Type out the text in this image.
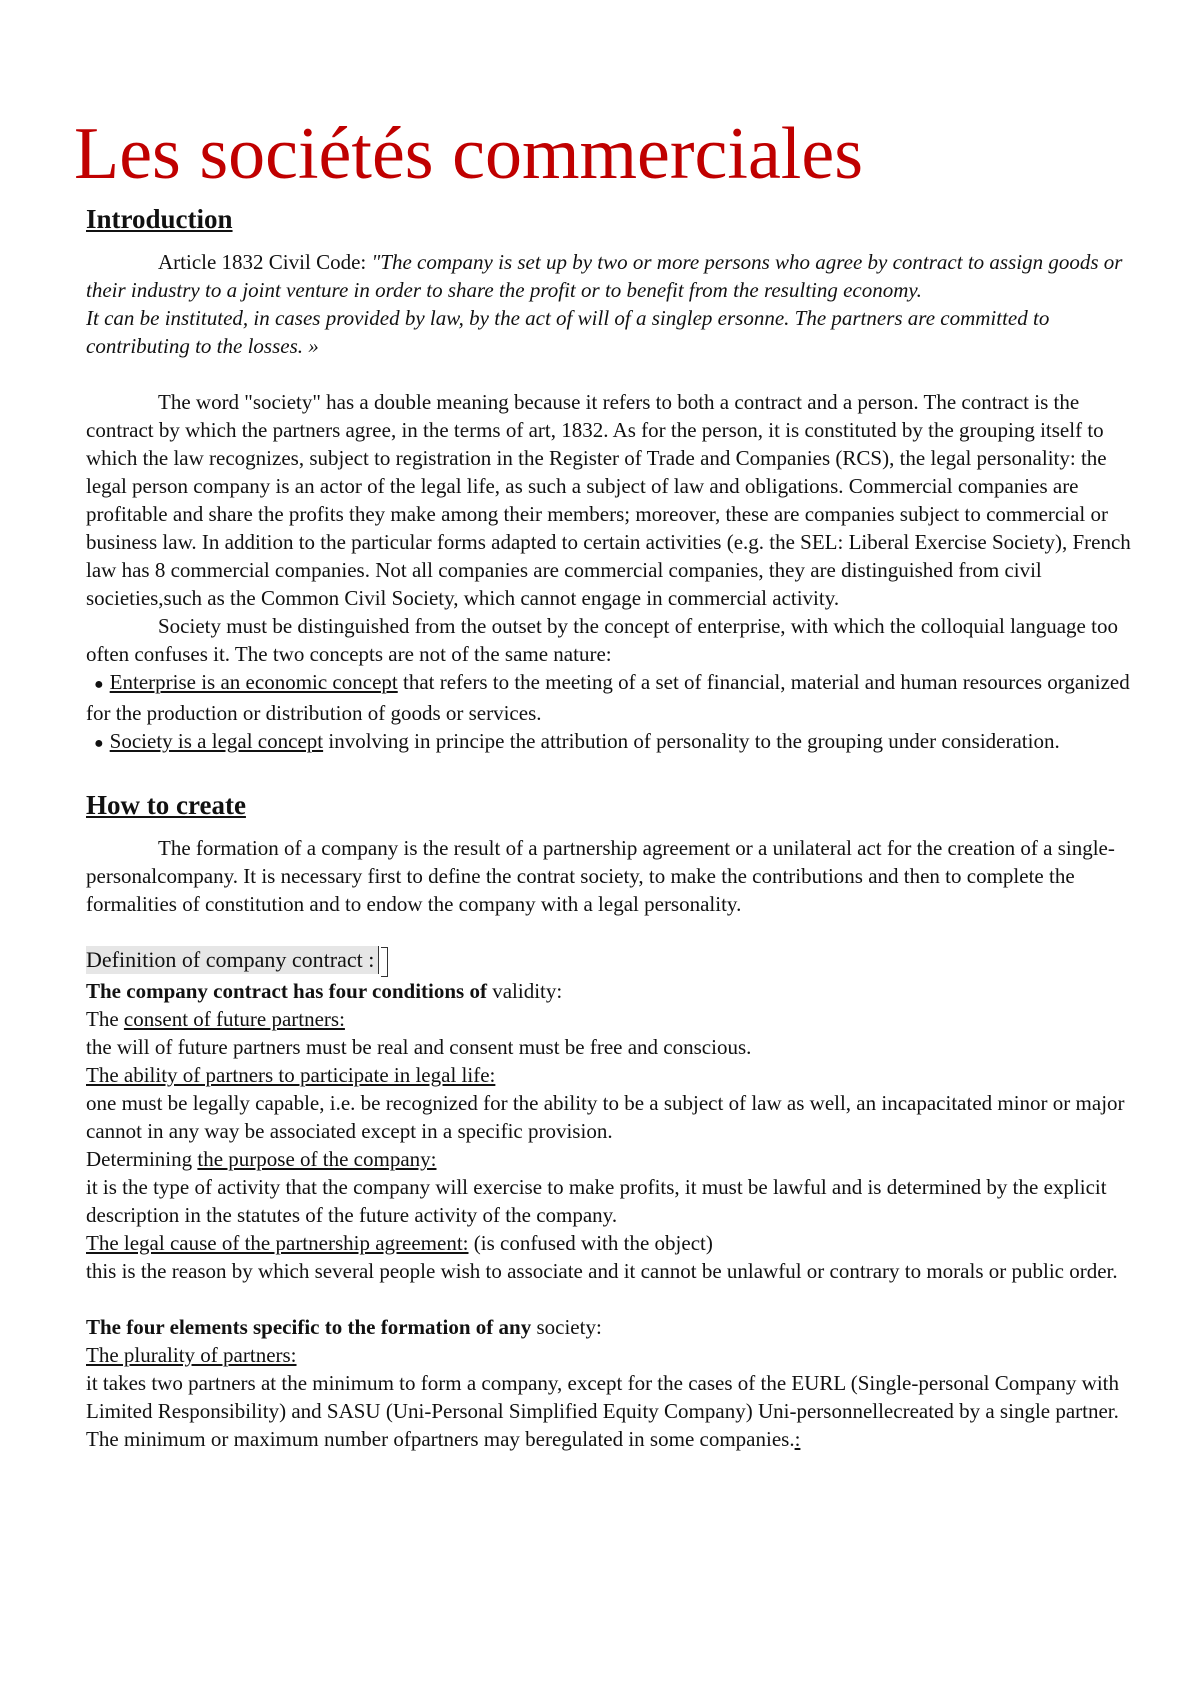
Les sociétés commerciales
Introduction

Article 1832 Civil Code: "The company is set up by two or more persons who agree by contract to assign goods or their industry to a joint venture in order to share the profit or to benefit from the resulting economy.

It can be instituted, in cases provided by law, by the act of will of a singlep ersonne. The partners are committed to contributing to the losses. »

The word "society" has a double meaning because it refers to both a contract and a person. The contract is the contract by which the partners agree, in the terms of art, 1832. As for the person, it is constituted by the grouping itself to which the law recognizes, subject to registration in the Register of Trade and Companies (RCS), the legal personality: the legal person company is an actor of the legal life, as such a subject of law and obligations. Commercial companies are profitable and share the profits they make among their members; moreover, these are companies subject to commercial or business law. In addition to the particular forms adapted to certain activities (e.g. the SEL: Liberal Exercise Society), French law has 8 commercial companies. Not all companies are commercial companies, they are distinguished from civil societies,such as the Common Civil Society, which cannot engage in commercial activity.

Society must be distinguished from the outset by the concept of enterprise, with which the colloquial language too often confuses it. The two concepts are not of the same nature:

● Enterprise is an economic concept that refers to the meeting of a set of financial, material and human resources organized for the production or distribution of goods or services.

● Society is a legal concept involving in principe the attribution of personality to the grouping under consideration.

How to create

The formation of a company is the result of a partnership agreement or a unilateral act for the creation of a single-personalcompany. It is necessary first to define the contrat society, to make the contributions and then to complete the formalities of constitution and to endow the company with a legal personality.

Definition of company contract :

The company contract has four conditions of validity:

The consent of future partners:

the will of future partners must be real and consent must be free and conscious.

The ability of partners to participate in legal life:

one must be legally capable, i.e. be recognized for the ability to be a subject of law as well, an incapacitated minor or major cannot in any way be associated except in a specific provision.

Determining the purpose of the company:

it is the type of activity that the company will exercise to make profits, it must be lawful and is determined by the explicit description in the statutes of the future activity of the company.

The legal cause of the partnership agreement: (is confused with the object)

this is the reason by which several people wish to associate and it cannot be unlawful or contrary to morals or public order.

The four elements specific to the formation of any society:

The plurality of partners:

it takes two partners at the minimum to form a company, except for the cases of the EURL (Single-personal Company with Limited Responsibility) and SASU (Uni-Personal Simplified Equity Company) Uni-personnellecreated by a single partner. The minimum or maximum number ofpartners may beregulated in some companies.:
